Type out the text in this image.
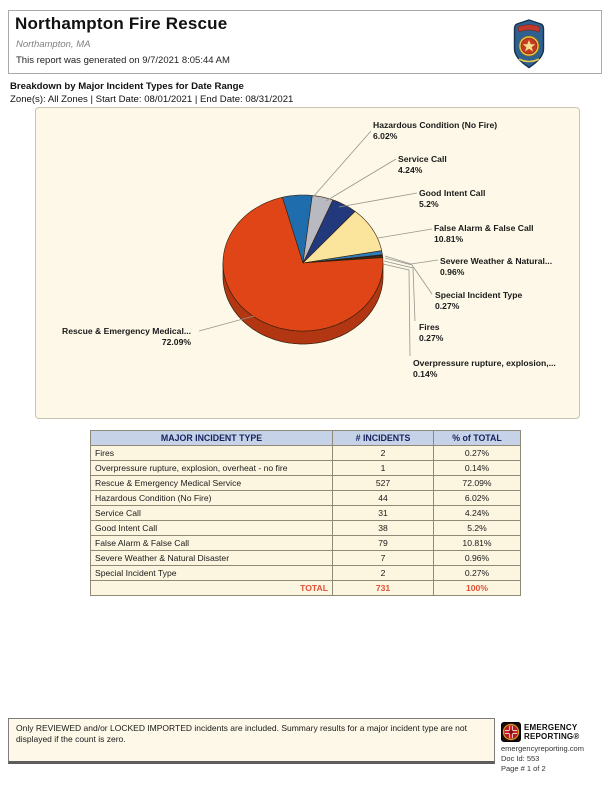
Northampton Fire Rescue
Northampton, MA
This report was generated on 9/7/2021 8:05:44 AM
Breakdown by Major Incident Types for Date Range
Zone(s): All Zones | Start Date: 08/01/2021 | End Date: 08/31/2021
Hazardous Condition (No Fire)
6.02%
Service Call
4.24%
Good Intent Call
5.2%
False Alarm & False Call
10.81%
Severe Weather & Natural...
0.96%
Special Incident Type
0.27%
Fires
0.27%
Overpressure rupture, explosion,...
0.14%
Rescue & Emergency Medical...
72.09%
MAJOR INCIDENT TYPE	# INCIDENTS	% of TOTAL
Fires	2	0.27%
Overpressure rupture, explosion, overheat - no fire	1	0.14%
Rescue & Emergency Medical Service	527	72.09%
Hazardous Condition (No Fire)	44	6.02%
Service Call	31	4.24%
Good Intent Call	38	5.2%
False Alarm & False Call	79	10.81%
Severe Weather & Natural Disaster	7	0.96%
Special Incident Type	2	0.27%
TOTAL	731	100%
Only REVIEWED and/or LOCKED IMPORTED incidents are included. Summary results for a major incident type are not displayed if the count is zero.
EMERGENCY
REPORTING®
emergencyreporting.com
Doc Id: 553
Page # 1 of 2
